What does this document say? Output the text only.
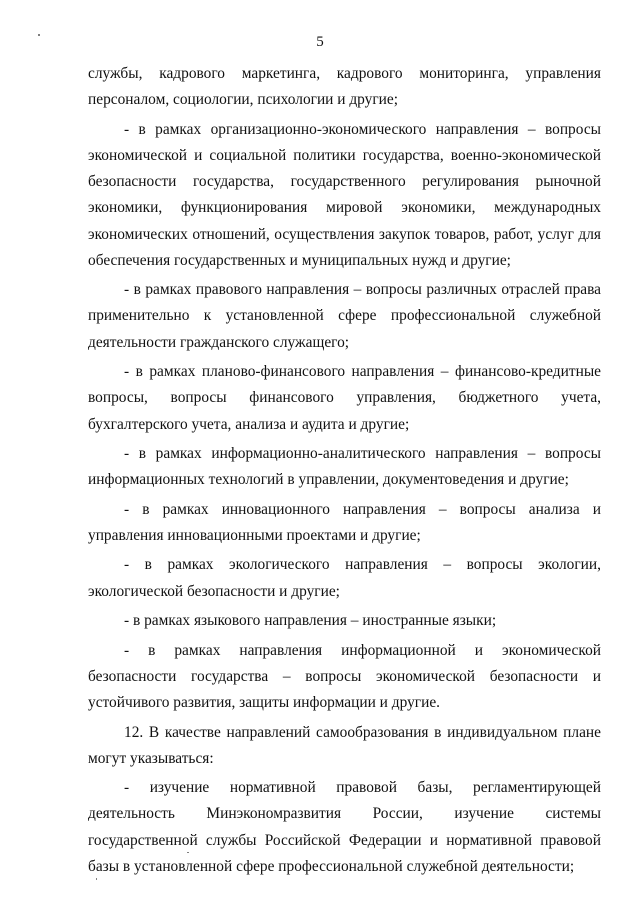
5

службы, кадрового маркетинга, кадрового мониторинга, управления персоналом, социологии, психологии и другие;

- в рамках организационно-экономического направления – вопросы экономической и социальной политики государства, военно-экономической безопасности государства, государственного регулирования рыночной экономики, функционирования мировой экономики, международных экономических отношений, осуществления закупок товаров, работ, услуг для обеспечения государственных и муниципальных нужд и другие;

- в рамках правового направления – вопросы различных отраслей права применительно к установленной сфере профессиональной служебной деятельности гражданского служащего;

- в рамках планово-финансового направления – финансово-кредитные вопросы, вопросы финансового управления, бюджетного учета, бухгалтерского учета, анализа и аудита и другие;

- в рамках информационно-аналитического направления – вопросы информационных технологий в управлении, документоведения и другие;

- в рамках инновационного направления – вопросы анализа и управления инновационными проектами и другие;

- в рамках экологического направления – вопросы экологии, экологической безопасности и другие;

- в рамках языкового направления – иностранные языки;

- в рамках направления информационной и экономической безопасности государства – вопросы экономической безопасности и устойчивого развития, защиты информации и другие.

12. В качестве направлений самообразования в индивидуальном плане могут указываться:

- изучение нормативной правовой базы, регламентирующей деятельность Минэкономразвития России, изучение системы государственной службы Российской Федерации и нормативной правовой базы в установленной сфере профессиональной служебной деятельности;
